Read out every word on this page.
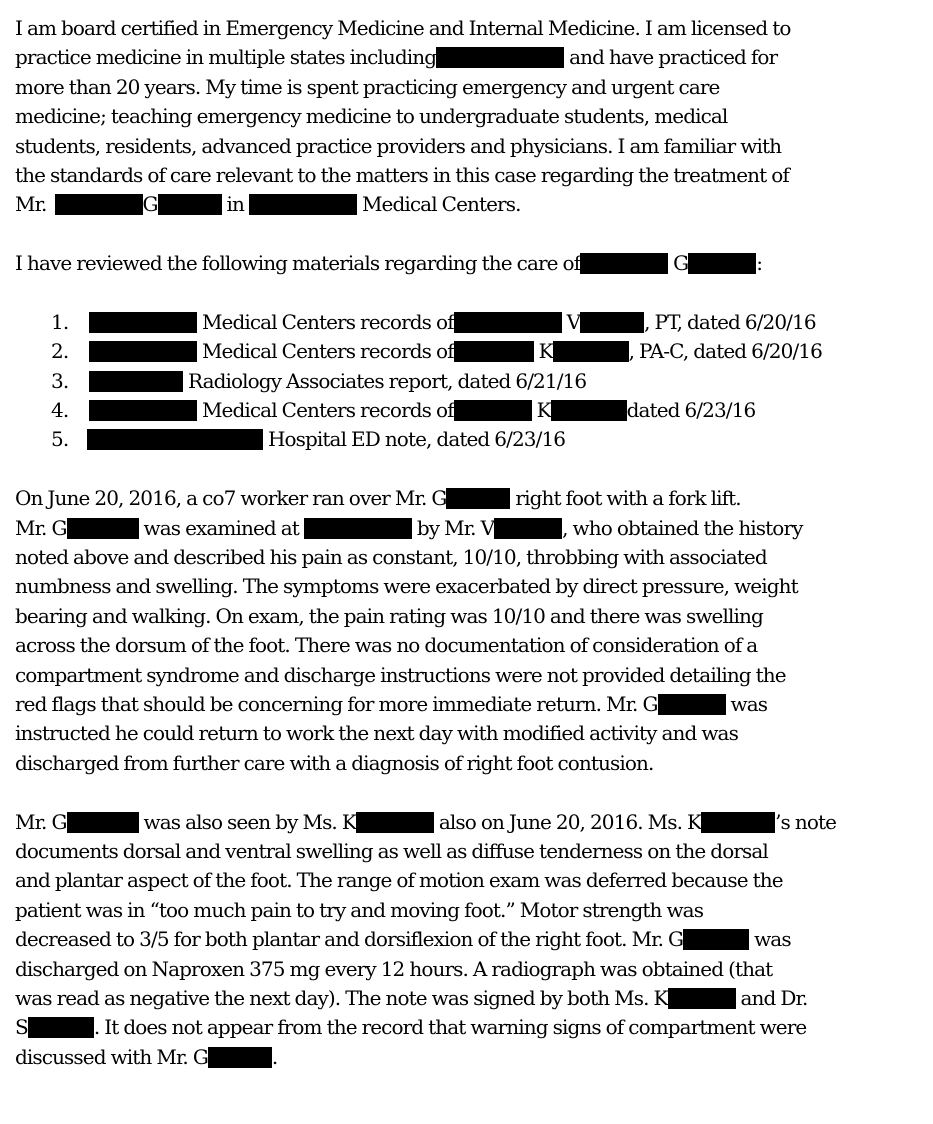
I am board certified in Emergency Medicine and Internal Medicine. I am licensed to
practice medicine in multiple states including	and have practiced for
more than 20 years. My time is spent practicing emergency and urgent care
medicine; teaching emergency medicine to undergraduate students, medical
students, residents, advanced practice providers and physicians. I am familiar with
the standards of care relevant to the matters in this case regarding the treatment of
Mr.	G	in	Medical Centers.
I have reviewed the following materials regarding the care of	G	:
1.	Medical Centers records of	V	, PT, dated 6/20/16
2.	Medical Centers records of	K	, PA-C, dated 6/20/16
3.	Radiology Associates report, dated 6/21/16
4.	Medical Centers records of	K	dated 6/23/16
5.	Hospital ED note, dated 6/23/16
On June 20, 2016, a co7 worker ran over Mr. G	right foot with a fork lift.
Mr. G	was examined at	by Mr. V	, who obtained the history
noted above and described his pain as constant, 10/10, throbbing with associated
numbness and swelling. The symptoms were exacerbated by direct pressure, weight
bearing and walking. On exam, the pain rating was 10/10 and there was swelling
across the dorsum of the foot. There was no documentation of consideration of a
compartment syndrome and discharge instructions were not provided detailing the
red flags that should be concerning for more immediate return. Mr. G	was
instructed he could return to work the next day with modified activity and was
discharged from further care with a diagnosis of right foot contusion.
Mr. G	was also seen by Ms. K	also on June 20, 2016. Ms. K	’s note
documents dorsal and ventral swelling as well as diffuse tenderness on the dorsal
and plantar aspect of the foot. The range of motion exam was deferred because the
patient was in “too much pain to try and moving foot.” Motor strength was
decreased to 3/5 for both plantar and dorsiflexion of the right foot. Mr. G	was
discharged on Naproxen 375 mg every 12 hours. A radiograph was obtained (that
was read as negative the next day). The note was signed by both Ms. K	and Dr.
S	. It does not appear from the record that warning signs of compartment were
discussed with Mr. G	.
